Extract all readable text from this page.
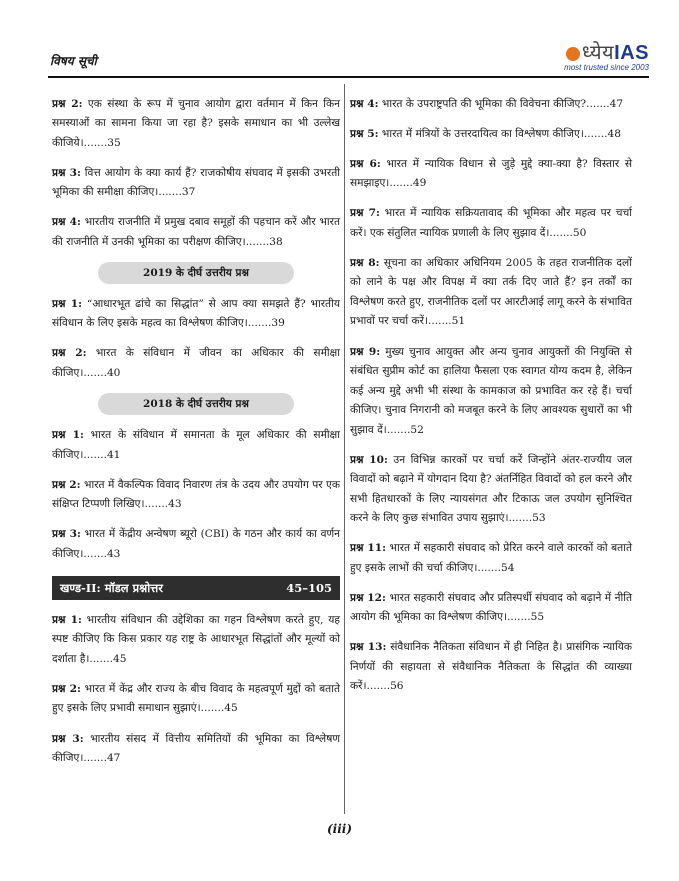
विषय सूची	ध्येयIAS
most trusted since 2003

प्रश्न 2: एक संस्था के रूप में चुनाव आयोग द्वारा वर्तमान में किन किन समस्याओं का सामना किया जा रहा है? इसके समाधान का भी उल्लेख कीजिये।.......35

प्रश्न 3: वित्त आयोग के क्या कार्य हैं? राजकोषीय संघवाद में इसकी उभरती भूमिका की समीक्षा कीजिए।.......37

प्रश्न 4: भारतीय राजनीति में प्रमुख दबाव समूहों की पहचान करें और भारत की राजनीति में उनकी भूमिका का परीक्षण कीजिए।.......38

2019 के दीर्घ उत्तरीय प्रश्न

प्रश्न 1: “आधारभूत ढांचे का सिद्धांत” से आप क्या समझते हैं? भारतीय संविधान के लिए इसके महत्व का विश्लेषण कीजिए।.......39

प्रश्न 2: भारत के संविधान में जीवन का अधिकार की समीक्षा कीजिए।.......40

2018 के दीर्घ उत्तरीय प्रश्न

प्रश्न 1: भारत के संविधान में समानता के मूल अधिकार की समीक्षा कीजिए।.......41

प्रश्न 2: भारत में वैकल्पिक विवाद निवारण तंत्र के उदय और उपयोग पर एक संक्षिप्त टिप्पणी लिखिए।.......43

प्रश्न 3: भारत में केंद्रीय अन्वेषण ब्यूरो (CBI) के गठन और कार्य का वर्णन कीजिए।.......43

खण्ड-II: मॉडल प्रश्नोत्तर	45–105

प्रश्न 1: भारतीय संविधान की उद्देशिका का गहन विश्लेषण करते हुए, यह स्पष्ट कीजिए कि किस प्रकार यह राष्ट्र के आधारभूत सिद्धांतों और मूल्यों को दर्शाता है।.......45

प्रश्न 2: भारत में केंद्र और राज्य के बीच विवाद के महत्वपूर्ण मुद्दों को बताते हुए इसके लिए प्रभावी समाधान सुझाएं।.......45

प्रश्न 3: भारतीय संसद में वित्तीय समितियों की भूमिका का विश्लेषण कीजिए।.......47

प्रश्न 4: भारत के उपराष्ट्रपति की भूमिका की विवेचना कीजिए?.......47

प्रश्न 5: भारत में मंत्रियों के उत्तरदायित्व का विश्लेषण कीजिए।.......48

प्रश्न 6: भारत में न्यायिक विधान से जुड़े मुद्दे क्या-क्या है? विस्तार से समझाइए।.......49

प्रश्न 7: भारत में न्यायिक सक्रियतावाद की भूमिका और महत्व पर चर्चा करें। एक संतुलित न्यायिक प्रणाली के लिए सुझाव दें।.......50

प्रश्न 8: सूचना का अधिकार अधिनियम 2005 के तहत राजनीतिक दलों को लाने के पक्ष और विपक्ष में क्या तर्क दिए जाते हैं? इन तर्कों का विश्लेषण करते हुए, राजनीतिक दलों पर आरटीआई लागू करने के संभावित प्रभावों पर चर्चा करें।.......51

प्रश्न 9: मुख्य चुनाव आयुक्त और अन्य चुनाव आयुक्तों की नियुक्ति से संबंधित सुप्रीम कोर्ट का हालिया फैसला एक स्वागत योग्य कदम है, लेकिन कई अन्य मुद्दे अभी भी संस्था के कामकाज को प्रभावित कर रहे हैं। चर्चा कीजिए। चुनाव निगरानी को मजबूत करने के लिए आवश्यक सुधारों का भी सुझाव दें।.......52

प्रश्न 10: उन विभिन्न कारकों पर चर्चा करें जिन्होंने अंतर-राज्यीय जल विवादों को बढ़ाने में योगदान दिया है? अंतर्निहित विवादों को हल करने और सभी हितधारकों के लिए न्यायसंगत और टिकाऊ जल उपयोग सुनिश्चित करने के लिए कुछ संभावित उपाय सुझाएं।.......53

प्रश्न 11: भारत में सहकारी संघवाद को प्रेरित करने वाले कारकों को बताते हुए इसके लाभों की चर्चा कीजिए।.......54

प्रश्न 12: भारत सहकारी संघवाद और प्रतिस्पर्धी संघवाद को बढ़ाने में नीति आयोग की भूमिका का विश्लेषण कीजिए।.......55

प्रश्न 13: संवैधानिक नैतिकता संविधान में ही निहित है। प्रासंगिक न्यायिक निर्णयों की सहायता से संवैधानिक नैतिकता के सिद्धांत की व्याख्या करें।.......56

(iii)
